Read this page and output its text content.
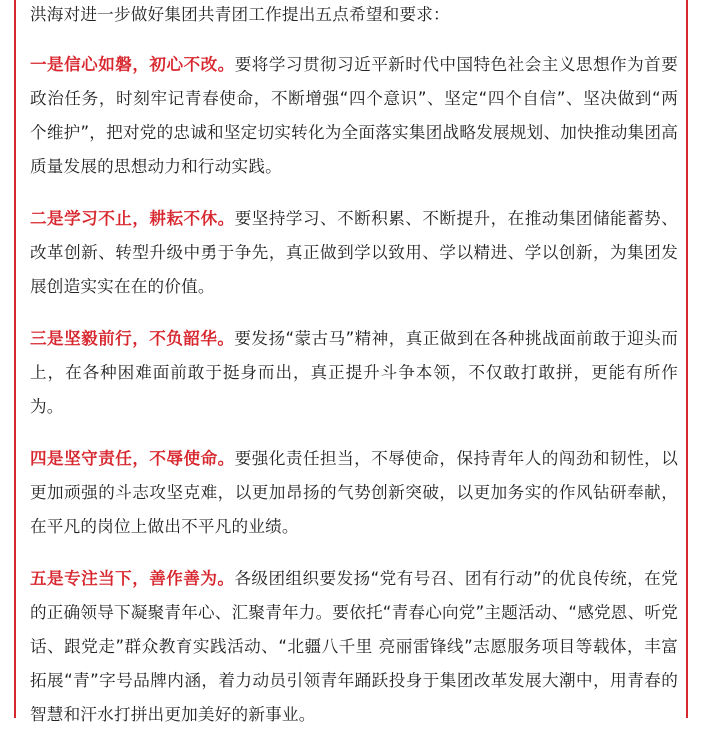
洪海对进一步做好集团共青团工作提出五点希望和要求：

一是信心如磐，初心不改。要将学习贯彻习近平新时代中国特色社会主义思想作为首要政治任务，时刻牢记青春使命，不断增强“四个意识”、坚定“四个自信”、坚决做到“两个维护”，把对党的忠诚和坚定切实转化为全面落实集团战略发展规划、加快推动集团高质量发展的思想动力和行动实践。

二是学习不止，耕耘不休。要坚持学习、不断积累、不断提升，在推动集团储能蓄势、改革创新、转型升级中勇于争先，真正做到学以致用、学以精进、学以创新，为集团发展创造实实在在的价值。

三是坚毅前行，不负韶华。要发扬“蒙古马”精神，真正做到在各种挑战面前敢于迎头而上，在各种困难面前敢于挺身而出，真正提升斗争本领，不仅敢打敢拼，更能有所作为。

四是坚守责任，不辱使命。要强化责任担当，不辱使命，保持青年人的闯劲和韧性，以更加顽强的斗志攻坚克难，以更加昂扬的气势创新突破，以更加务实的作风钻研奉献，在平凡的岗位上做出不平凡的业绩。

五是专注当下，善作善为。各级团组织要发扬“党有号召、团有行动”的优良传统，在党的正确领导下凝聚青年心、汇聚青年力。要依托“青春心向党”主题活动、“感党恩、听党话、跟党走”群众教育实践活动、“北疆八千里 亮丽雷锋线”志愿服务项目等载体，丰富拓展“青”字号品牌内涵，着力动员引领青年踊跃投身于集团改革发展大潮中，用青春的智慧和汗水打拼出更加美好的新事业。
